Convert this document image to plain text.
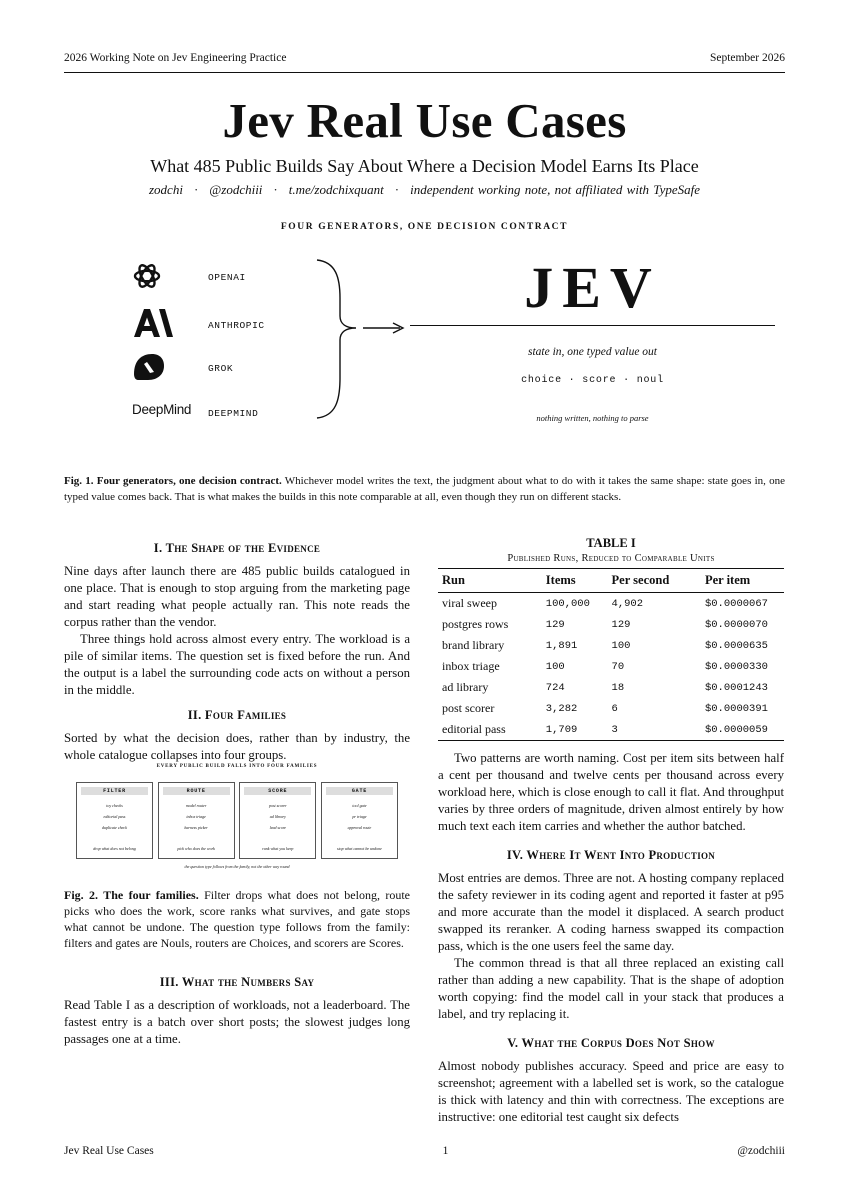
2026 Working Note on Jev Engineering Practice	September 2026
Jev Real Use Cases
What 485 Public Builds Say About Where a Decision Model Earns Its Place
zodchi · @zodchiii · t.me/zodchixquant · independent working note, not affiliated with TypeSafe
FOUR GENERATORS, ONE DECISION CONTRACT
OPENAI
ANTHROPIC
GROK
DeepMind DEEPMIND
JEV
state in, one typed value out
choice · score · noul
nothing written, nothing to parse
Fig. 1. Four generators, one decision contract. Whichever model writes the text, the judgment about what to do with it takes the same shape: state goes in, one typed value comes back. That is what makes the builds in this note comparable at all, even though they run on different stacks.
I. The Shape of the Evidence

Nine days after launch there are 485 public builds catalogued in one place. That is enough to stop arguing from the marketing page and start reading what people actually ran. This note reads the corpus rather than the vendor.

Three things hold across almost every entry. The workload is a pile of similar items. The question set is fixed before the run. And the output is a label the surrounding code acts on without a person in the middle.

II. Four Families

Sorted by what the decision does, rather than by industry, the whole catalogue collapses into four groups.

EVERY PUBLIC BUILD FALLS INTO FOUR FAMILIES
FILTER
toy checks
editorial pass
duplicate check
drop what does not belong
ROUTE
model router
inbox triage
harness picker
pick who does the work
SCORE
post scorer
ad library
lead score
rank what you keep
GATE
tool gate
pr triage
approval route
stop what cannot be undone
the question type follows from the family, not the other way round
Fig. 2. The four families. Filter drops what does not belong, route picks who does the work, score ranks what survives, and gate stops what cannot be undone. The question type follows from the family: filters and gates are Nouls, routers are Choices, and scorers are Scores.
III. What the Numbers Say

Read Table I as a description of workloads, not a leaderboard. The fastest entry is a batch over short posts; the slowest judges long passages one at a time.

TABLE I
Published Runs, Reduced to Comparable Units
Run	Items	Per second	Per item
viral sweep	100,000	4,902	$0.0000067
postgres rows	129	129	$0.0000070
brand library	1,891	100	$0.0000635
inbox triage	100	70	$0.0000330
ad library	724	18	$0.0001243
post scorer	3,282	6	$0.0000391
editorial pass	1,709	3	$0.0000059

Two patterns are worth naming. Cost per item sits between half a cent per thousand and twelve cents per thousand across every workload here, which is close enough to call it flat. And throughput varies by three orders of magnitude, driven almost entirely by how much text each item carries and whether the author batched.

IV. Where It Went Into Production

Most entries are demos. Three are not. A hosting company replaced the safety reviewer in its coding agent and reported it faster at p95 and more accurate than the model it displaced. A search product swapped its reranker. A coding harness swapped its compaction pass, which is the one users feel the same day.

The common thread is that all three replaced an existing call rather than adding a new capability. That is the shape of adoption worth copying: find the model call in your stack that produces a label, and try replacing it.

V. What the Corpus Does Not Show

Almost nobody publishes accuracy. Speed and price are easy to screenshot; agreement with a labelled set is work, so the catalogue is thick with latency and thin with correctness. The exceptions are instructive: one editorial test caught six defects

Jev Real Use Cases	1	@zodchiii
